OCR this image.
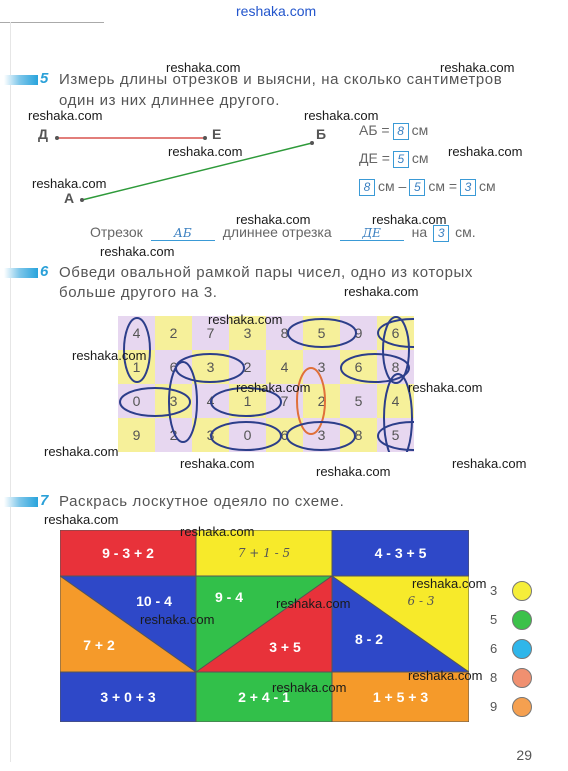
reshaka.com
5 Измерь длины отрезков и выясни, на сколько сантиметров
один из них длиннее другого.
Д	Е	Б
А
АБ = 8 см
ДЕ = 5 см
8 см – 5 см = 3 см
Отрезок	АБ длиннее отрезка	ДЕ на 3 см.
6 Обведи овальной рамкой пары чисел, одно из которых
больше другого на 3.
4	2	7	3	8	5	9	6
1	6	3	2	4	3	6	8
0	3	4	1	7	2	5	4
9	2	3	0	6	3	8	5
7 Раскрась лоскутное одеяло по схеме.
9 - 3 + 2	7 + 1 - 5	4 - 3 + 5
10 - 4
7 + 2
9 - 4
3 + 5
6 - 3
8 - 2
3 + 0 + 3	2 + 4 - 1	1 + 5 + 3
3
5
6
8
9
29
reshaka.com	reshaka.com
reshaka.com	reshaka.com
reshaka.com	reshaka.com
reshaka.com
reshaka.com	reshaka.com
reshaka.com
reshaka.com
reshaka.com
reshaka.com
reshaka.com	reshaka.com
reshaka.com
reshaka.com
reshaka.com
reshaka.com
reshaka.com
reshaka.com
reshaka.com
reshaka.com
reshaka.com
reshaka.com
reshaka.com
